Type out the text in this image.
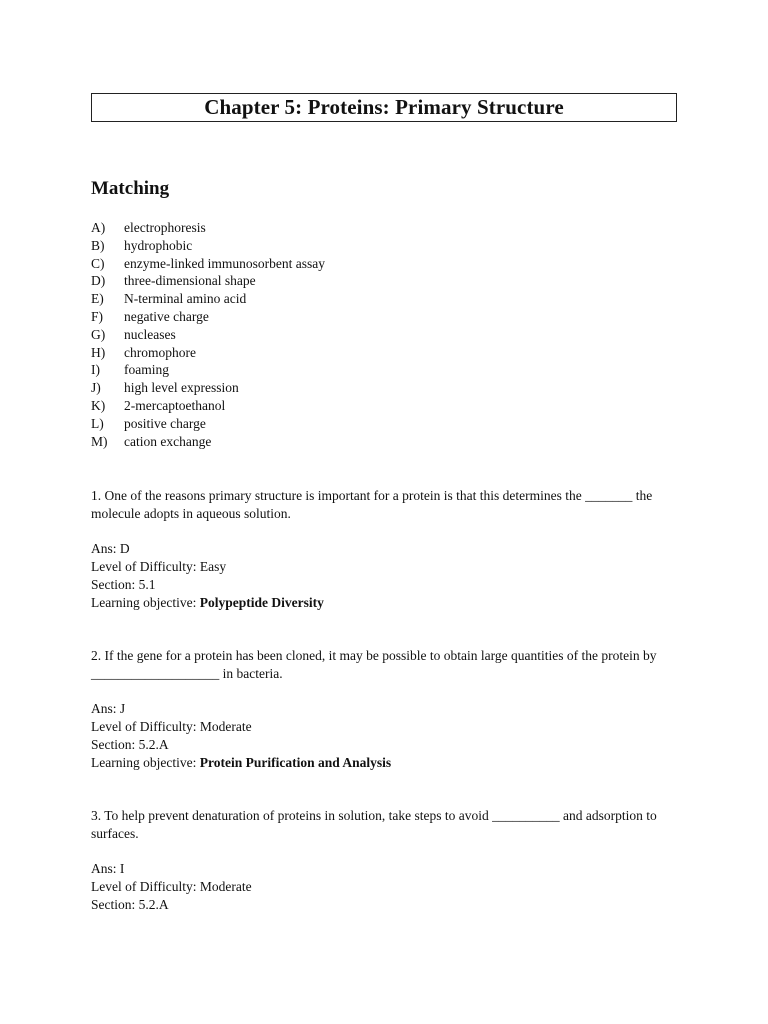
Chapter 5: Proteins: Primary Structure
Matching
A)	electrophoresis
B)	hydrophobic
C)	enzyme-linked immunosorbent assay
D)	three-dimensional shape
E)	N-terminal amino acid
F)	negative charge
G)	nucleases
H)	chromophore
I)	foaming
J)	high level expression
K)	2-mercaptoethanol
L)	positive charge
M)	cation exchange

1. One of the reasons primary structure is important for a protein is that this determines the _______ the molecule adopts in aqueous solution.

Ans: D

Level of Difficulty: Easy

Section: 5.1

Learning objective: Polypeptide Diversity

2. If the gene for a protein has been cloned, it may be possible to obtain large quantities of the protein by ___________________ in bacteria.

Ans: J

Level of Difficulty: Moderate

Section: 5.2.A

Learning objective: Protein Purification and Analysis

3. To help prevent denaturation of proteins in solution, take steps to avoid __________ and adsorption to surfaces.

Ans: I

Level of Difficulty: Moderate

Section: 5.2.A
